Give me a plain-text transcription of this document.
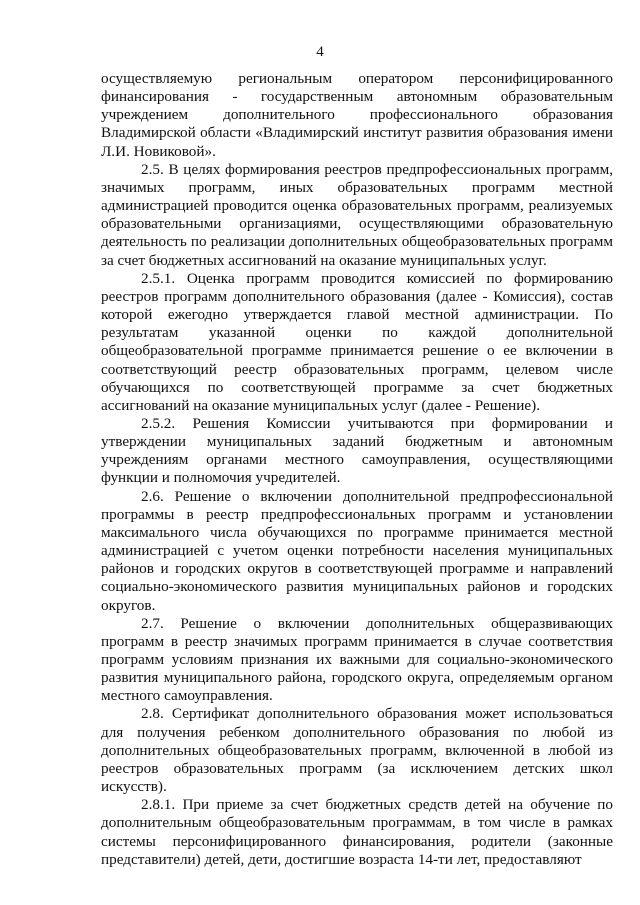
4

осуществляемую региональным оператором персонифицированного финансирования - государственным автономным образовательным учреждением дополнительного профессионального образования Владимирской области «Владимирский институт развития образования имени Л.И. Новиковой».

2.5. В целях формирования реестров предпрофессиональных программ, значимых программ, иных образовательных программ местной администрацией проводится оценка образовательных программ, реализуемых образовательными организациями, осуществляющими образовательную деятельность по реализации дополнительных общеобразовательных программ за счет бюджетных ассигнований на оказание муниципальных услуг.

2.5.1. Оценка программ проводится комиссией по формированию реестров программ дополнительного образования (далее - Комиссия), состав которой ежегодно утверждается главой местной администрации. По результатам указанной оценки по каждой дополнительной общеобразовательной программе принимается решение о ее включении в соответствующий реестр образовательных программ, целевом числе обучающихся по соответствующей программе за счет бюджетных ассигнований на оказание муниципальных услуг (далее - Решение).

2.5.2. Решения Комиссии учитываются при формировании и утверждении муниципальных заданий бюджетным и автономным учреждениям органами местного самоуправления, осуществляющими функции и полномочия учредителей.

2.6. Решение о включении дополнительной предпрофессиональной программы в реестр предпрофессиональных программ и установлении максимального числа обучающихся по программе принимается местной администрацией с учетом оценки потребности населения муниципальных районов и городских округов в соответствующей программе и направлений социально-экономического развития муниципальных районов и городских округов.

2.7. Решение о включении дополнительных общеразвивающих программ в реестр значимых программ принимается в случае соответствия программ условиям признания их важными для социально-экономического развития муниципального района, городского округа, определяемым органом местного самоуправления.

2.8. Сертификат дополнительного образования может использоваться для получения ребенком дополнительного образования по любой из дополнительных общеобразовательных программ, включенной в любой из реестров образовательных программ (за исключением детских школ искусств).

2.8.1. При приеме за счет бюджетных средств детей на обучение по дополнительным общеобразовательным программам, в том числе в рамках системы персонифицированного финансирования, родители (законные представители) детей, дети, достигшие возраста 14-ти лет, предоставляют
